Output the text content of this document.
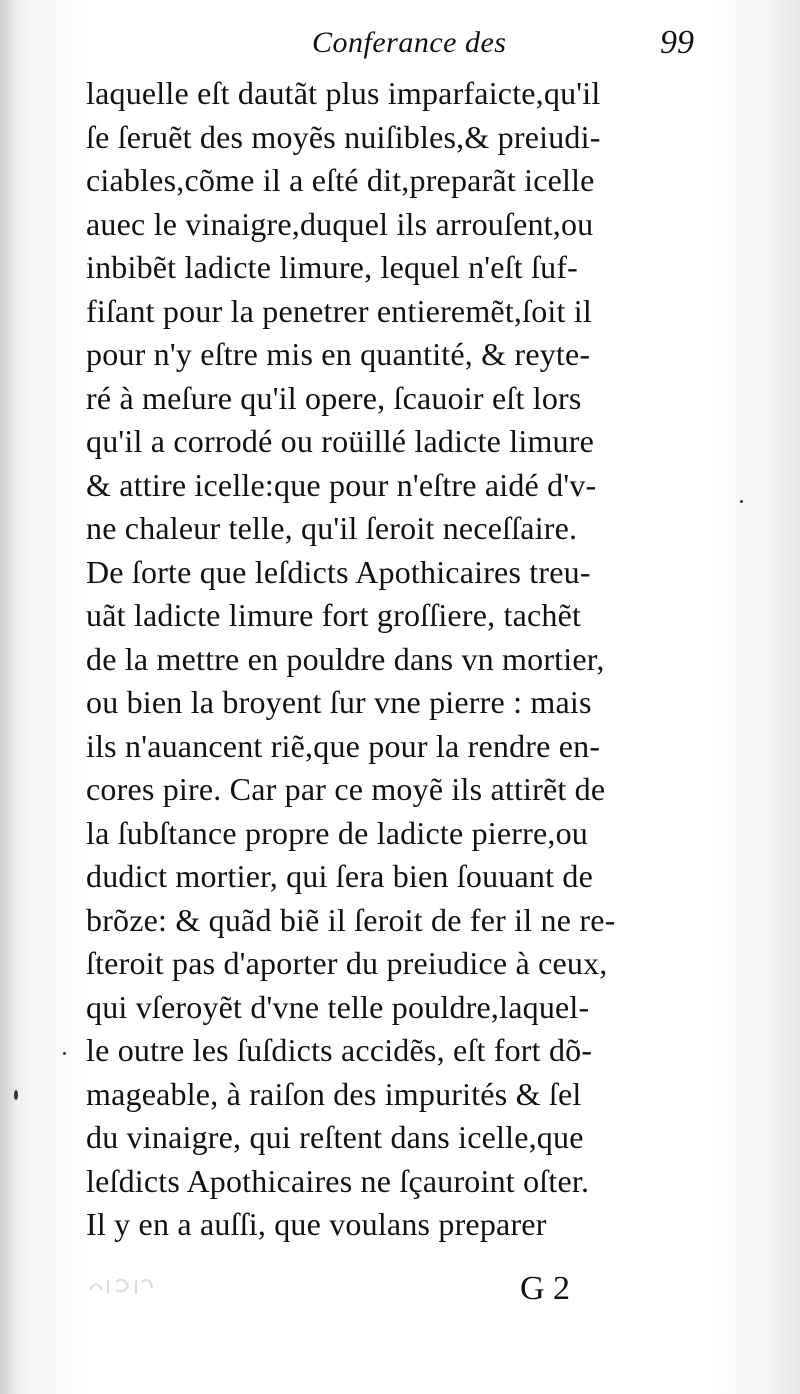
Conferance des	99
laquelle eſt dautãt plus imparfaicte,qu'il
ſe ſeruẽt des moyẽs nuiſibles,& preiudi-
ciables,cõme il a eſté dit,preparãt icelle
auec le vinaigre,duquel ils arrouſent,ou
inbibẽt ladicte limure, lequel n'eſt ſuf-
fiſant pour la penetrer entieremẽt,ſoit il
pour n'y eſtre mis en quantité, & reyte-
ré à meſure qu'il opere, ſcauoir eſt lors
qu'il a corrodé ou roüillé ladicte limure
& attire icelle:que pour n'eſtre aidé d'v-
ne chaleur telle, qu'il ſeroit neceſſaire.
De ſorte que leſdicts Apothicaires treu-
uãt ladicte limure fort groſſiere, tachẽt
de la mettre en pouldre dans vn mortier,
ou bien la broyent ſur vne pierre : mais
ils n'auancent riẽ,que pour la rendre en-
cores pire. Car par ce moyẽ ils attirẽt de
la ſubſtance propre de ladicte pierre,ou
dudict mortier, qui ſera bien ſouuant de
brõze: & quãd biẽ il ſeroit de fer il ne re-
ſteroit pas d'aporter du preiudice à ceux,
qui vſeroyẽt d'vne telle pouldre,laquel-
le outre les ſuſdicts accidẽs, eſt fort dõ-
mageable, à raiſon des impurités & ſel
du vinaigre, qui reſtent dans icelle,que
leſdicts Apothicaires ne ſçauroint oſter.
Il y en a auſſi, que voulans preparer
G 2
